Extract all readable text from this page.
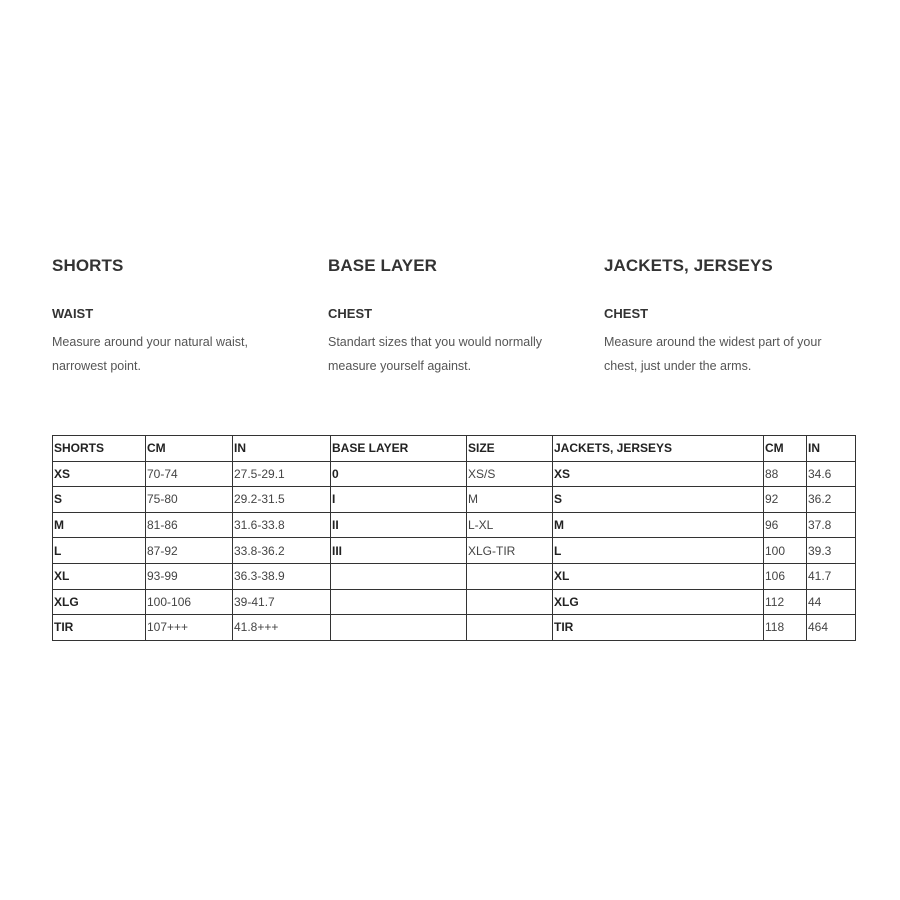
SHORTS
WAIST

Measure around your natural waist, narrowest point.

BASE LAYER
CHEST

Standart sizes that you would normally measure yourself against.

JACKETS, JERSEYS
CHEST

Measure around the widest part of your chest, just under the arms.

SHORTS	CM	IN	BASE LAYER	SIZE	JACKETS, JERSEYS	CM	IN
XS	70-74	27.5-29.1	0	XS/S	XS	88	34.6
S	75-80	29.2-31.5	I	M	S	92	36.2
M	81-86	31.6-33.8	II	L-XL	M	96	37.8
L	87-92	33.8-36.2	III	XLG-TIR	L	100	39.3
XL	93-99	36.3-38.9			XL	106	41.7
XLG	100-106	39-41.7			XLG	112	44
TIR	107+++	41.8+++			TIR	118	464
